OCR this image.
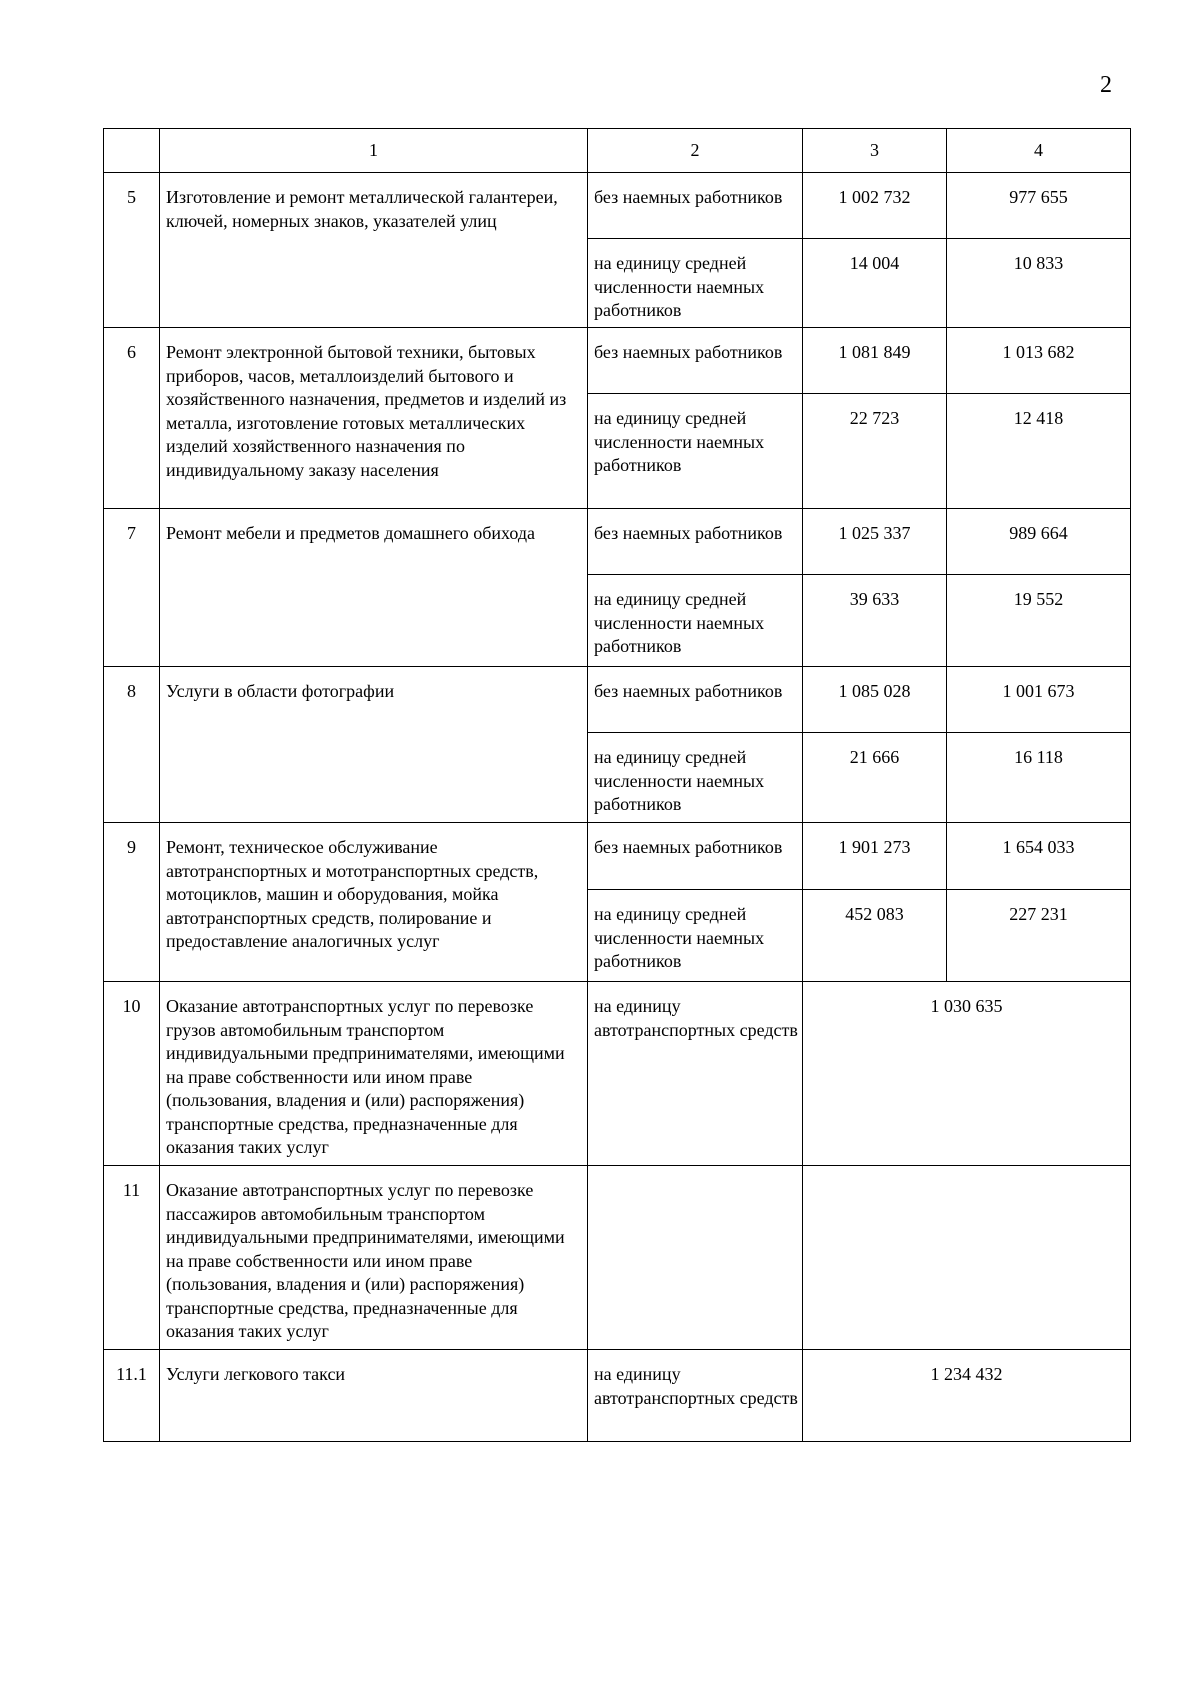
2
	1	2	3	4
5	Изготовление и ремонт металлической галантереи, ключей, номерных знаков, указателей улиц	без наемных работников	1 002 732	977 655
		на единицу средней численности наемных работников	14 004	10 833
6	Ремонт электронной бытовой техники, бытовых приборов, часов, металлоизделий бытового и хозяйственного назначения, предметов и изделий из металла, изготовление готовых металлических изделий хозяйственного назначения по индивидуальному заказу населения	без наемных работников	1 081 849	1 013 682
		на единицу средней численности наемных работников	22 723	12 418
7	Ремонт мебели и предметов домашнего обихода	без наемных работников	1 025 337	989 664
		на единицу средней численности наемных работников	39 633	19 552
8	Услуги в области фотографии	без наемных работников	1 085 028	1 001 673
		на единицу средней численности наемных работников	21 666	16 118
9	Ремонт, техническое обслуживание автотранспортных и мототранспортных средств, мотоциклов, машин и оборудования, мойка автотранспортных средств, полирование и предоставление аналогичных услуг	без наемных работников	1 901 273	1 654 033
		на единицу средней численности наемных работников	452 083	227 231
10	Оказание автотранспортных услуг по перевозке грузов автомобильным транспортом индивидуальными предпринимателями, имеющими на праве собственности или ином праве (пользования, владения и (или) распоряжения) транспортные средства, предназначенные для оказания таких услуг	на единицу автотранспортных средств	1 030 635	
11	Оказание автотранспортных услуг по перевозке пассажиров автомобильным транспортом индивидуальными предпринимателями, имеющими на праве собственности или ином праве (пользования, владения и (или) распоряжения) транспортные средства, предназначенные для оказания таких услуг			
11.1	Услуги легкового такси	на единицу автотранспортных средств	1 234 432	
